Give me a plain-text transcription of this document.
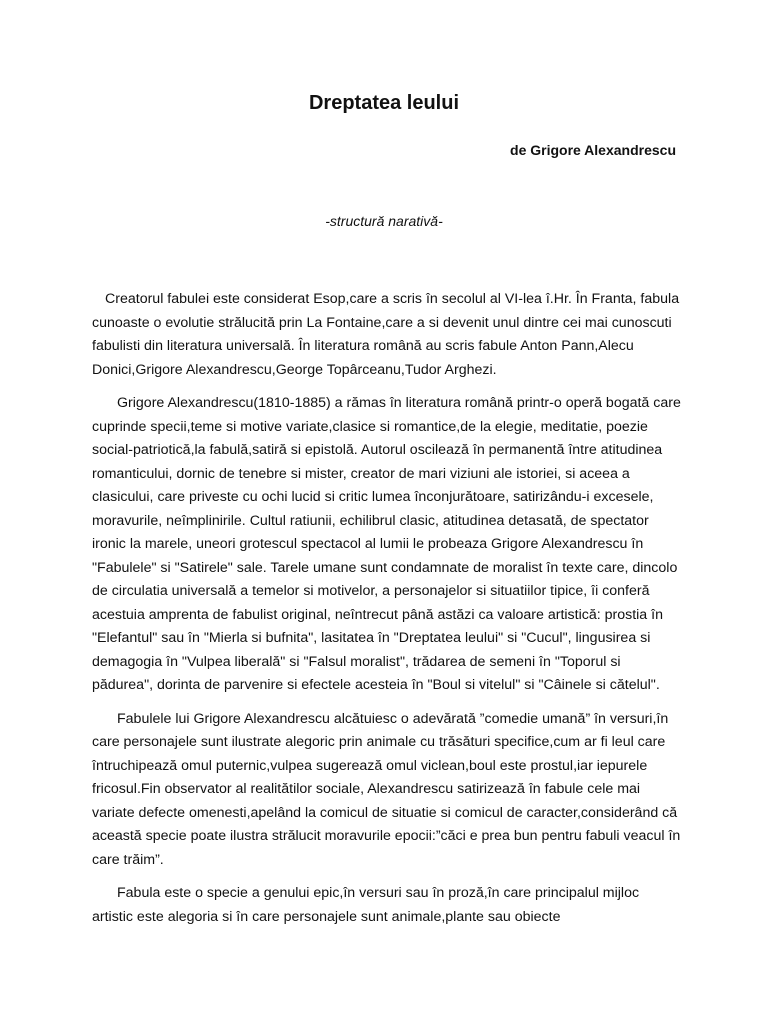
Dreptatea leului

de Grigore Alexandrescu

-structură narativă-

Creatorul fabulei este considerat Esop,care a scris în secolul al VI-lea î.Hr. În Franta, fabula cunoaste o evolutie strălucită prin La Fontaine,care a si devenit unul dintre cei mai cunoscuti fabulisti din literatura universală. În literatura română au scris fabule Anton Pann,Alecu Donici,Grigore Alexandrescu,George Topârceanu,Tudor Arghezi.

Grigore Alexandrescu(1810-1885) a rămas în literatura română printr-o operă bogată care cuprinde specii,teme si motive variate,clasice si romantice,de la elegie, meditatie, poezie social-patriotică,la fabulă,satiră si epistolă. Autorul oscilează în permanentă între atitudinea romanticului, dornic de tenebre si mister, creator de mari viziuni ale istoriei, si aceea a clasicului, care priveste cu ochi lucid si critic lumea înconjurătoare, satirizându-i excesele, moravurile, neîmplinirile. Cultul ratiunii, echilibrul clasic, atitudinea detasată, de spectator ironic la marele, uneori grotescul spectacol al lumii le probeaza Grigore Alexandrescu în "Fabulele" si "Satirele" sale. Tarele umane sunt condamnate de moralist în texte care, dincolo de circulatia universală a temelor si motivelor, a personajelor si situatiilor tipice, îi conferă acestuia amprenta de fabulist original, neîntrecut până astăzi ca valoare artistică: prostia în "Elefantul" sau în "Mierla si bufnita", lasitatea în "Dreptatea leului" si "Cucul", lingusirea si demagogia în "Vulpea liberală" si "Falsul moralist", trădarea de semeni în "Toporul si pădurea", dorinta de parvenire si efectele acesteia în "Boul si vitelul" si "Câinele si cătelul".

Fabulele lui Grigore Alexandrescu alcătuiesc o adevărată ”comedie umană” în versuri,în care personajele sunt ilustrate alegoric prin animale cu trăsături specifice,cum ar fi leul care întruchipează omul puternic,vulpea sugerează omul viclean,boul este prostul,iar iepurele fricosul.Fin observator al realitătilor sociale, Alexandrescu satirizează în fabule cele mai variate defecte omenesti,apelând la comicul de situatie si comicul de caracter,considerând că această specie poate ilustra strălucit moravurile epocii:”căci e prea bun pentru fabuli veacul în care trăim”.

Fabula este o specie a genului epic,în versuri sau în proză,în care principalul mijloc artistic este alegoria si în care personajele sunt animale,plante sau obiecte
